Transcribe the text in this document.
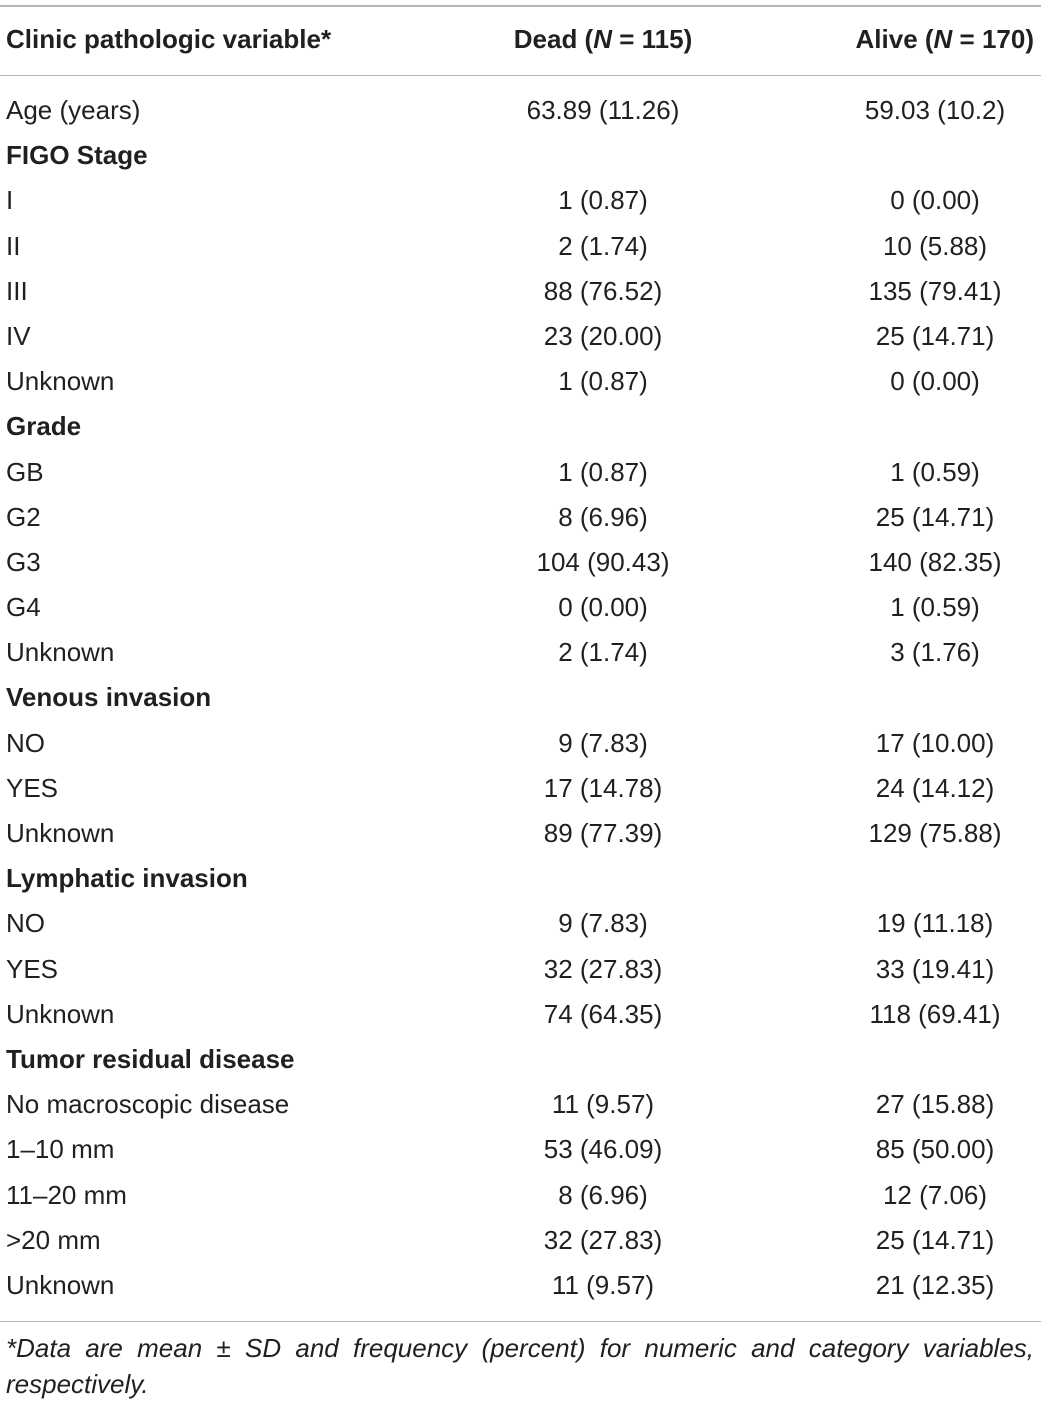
Clinic pathologic variable*	Dead (N = 115)	Alive (N = 170)
Age (years)	63.89 (11.26)	59.03 (10.2)
FIGO Stage
I	1 (0.87)	0 (0.00)
II	2 (1.74)	10 (5.88)
III	88 (76.52)	135 (79.41)
IV	23 (20.00)	25 (14.71)
Unknown	1 (0.87)	0 (0.00)
Grade
GB	1 (0.87)	1 (0.59)
G2	8 (6.96)	25 (14.71)
G3	104 (90.43)	140 (82.35)
G4	0 (0.00)	1 (0.59)
Unknown	2 (1.74)	3 (1.76)
Venous invasion
NO	9 (7.83)	17 (10.00)
YES	17 (14.78)	24 (14.12)
Unknown	89 (77.39)	129 (75.88)
Lymphatic invasion
NO	9 (7.83)	19 (11.18)
YES	32 (27.83)	33 (19.41)
Unknown	74 (64.35)	118 (69.41)
Tumor residual disease
No macroscopic disease	11 (9.57)	27 (15.88)
1–10 mm	53 (46.09)	85 (50.00)
11–20 mm	8 (6.96)	12 (7.06)
>20 mm	32 (27.83)	25 (14.71)
Unknown	11 (9.57)	21 (12.35)
*Data are mean ± SD and frequency (percent) for numeric and category variables, respectively.
